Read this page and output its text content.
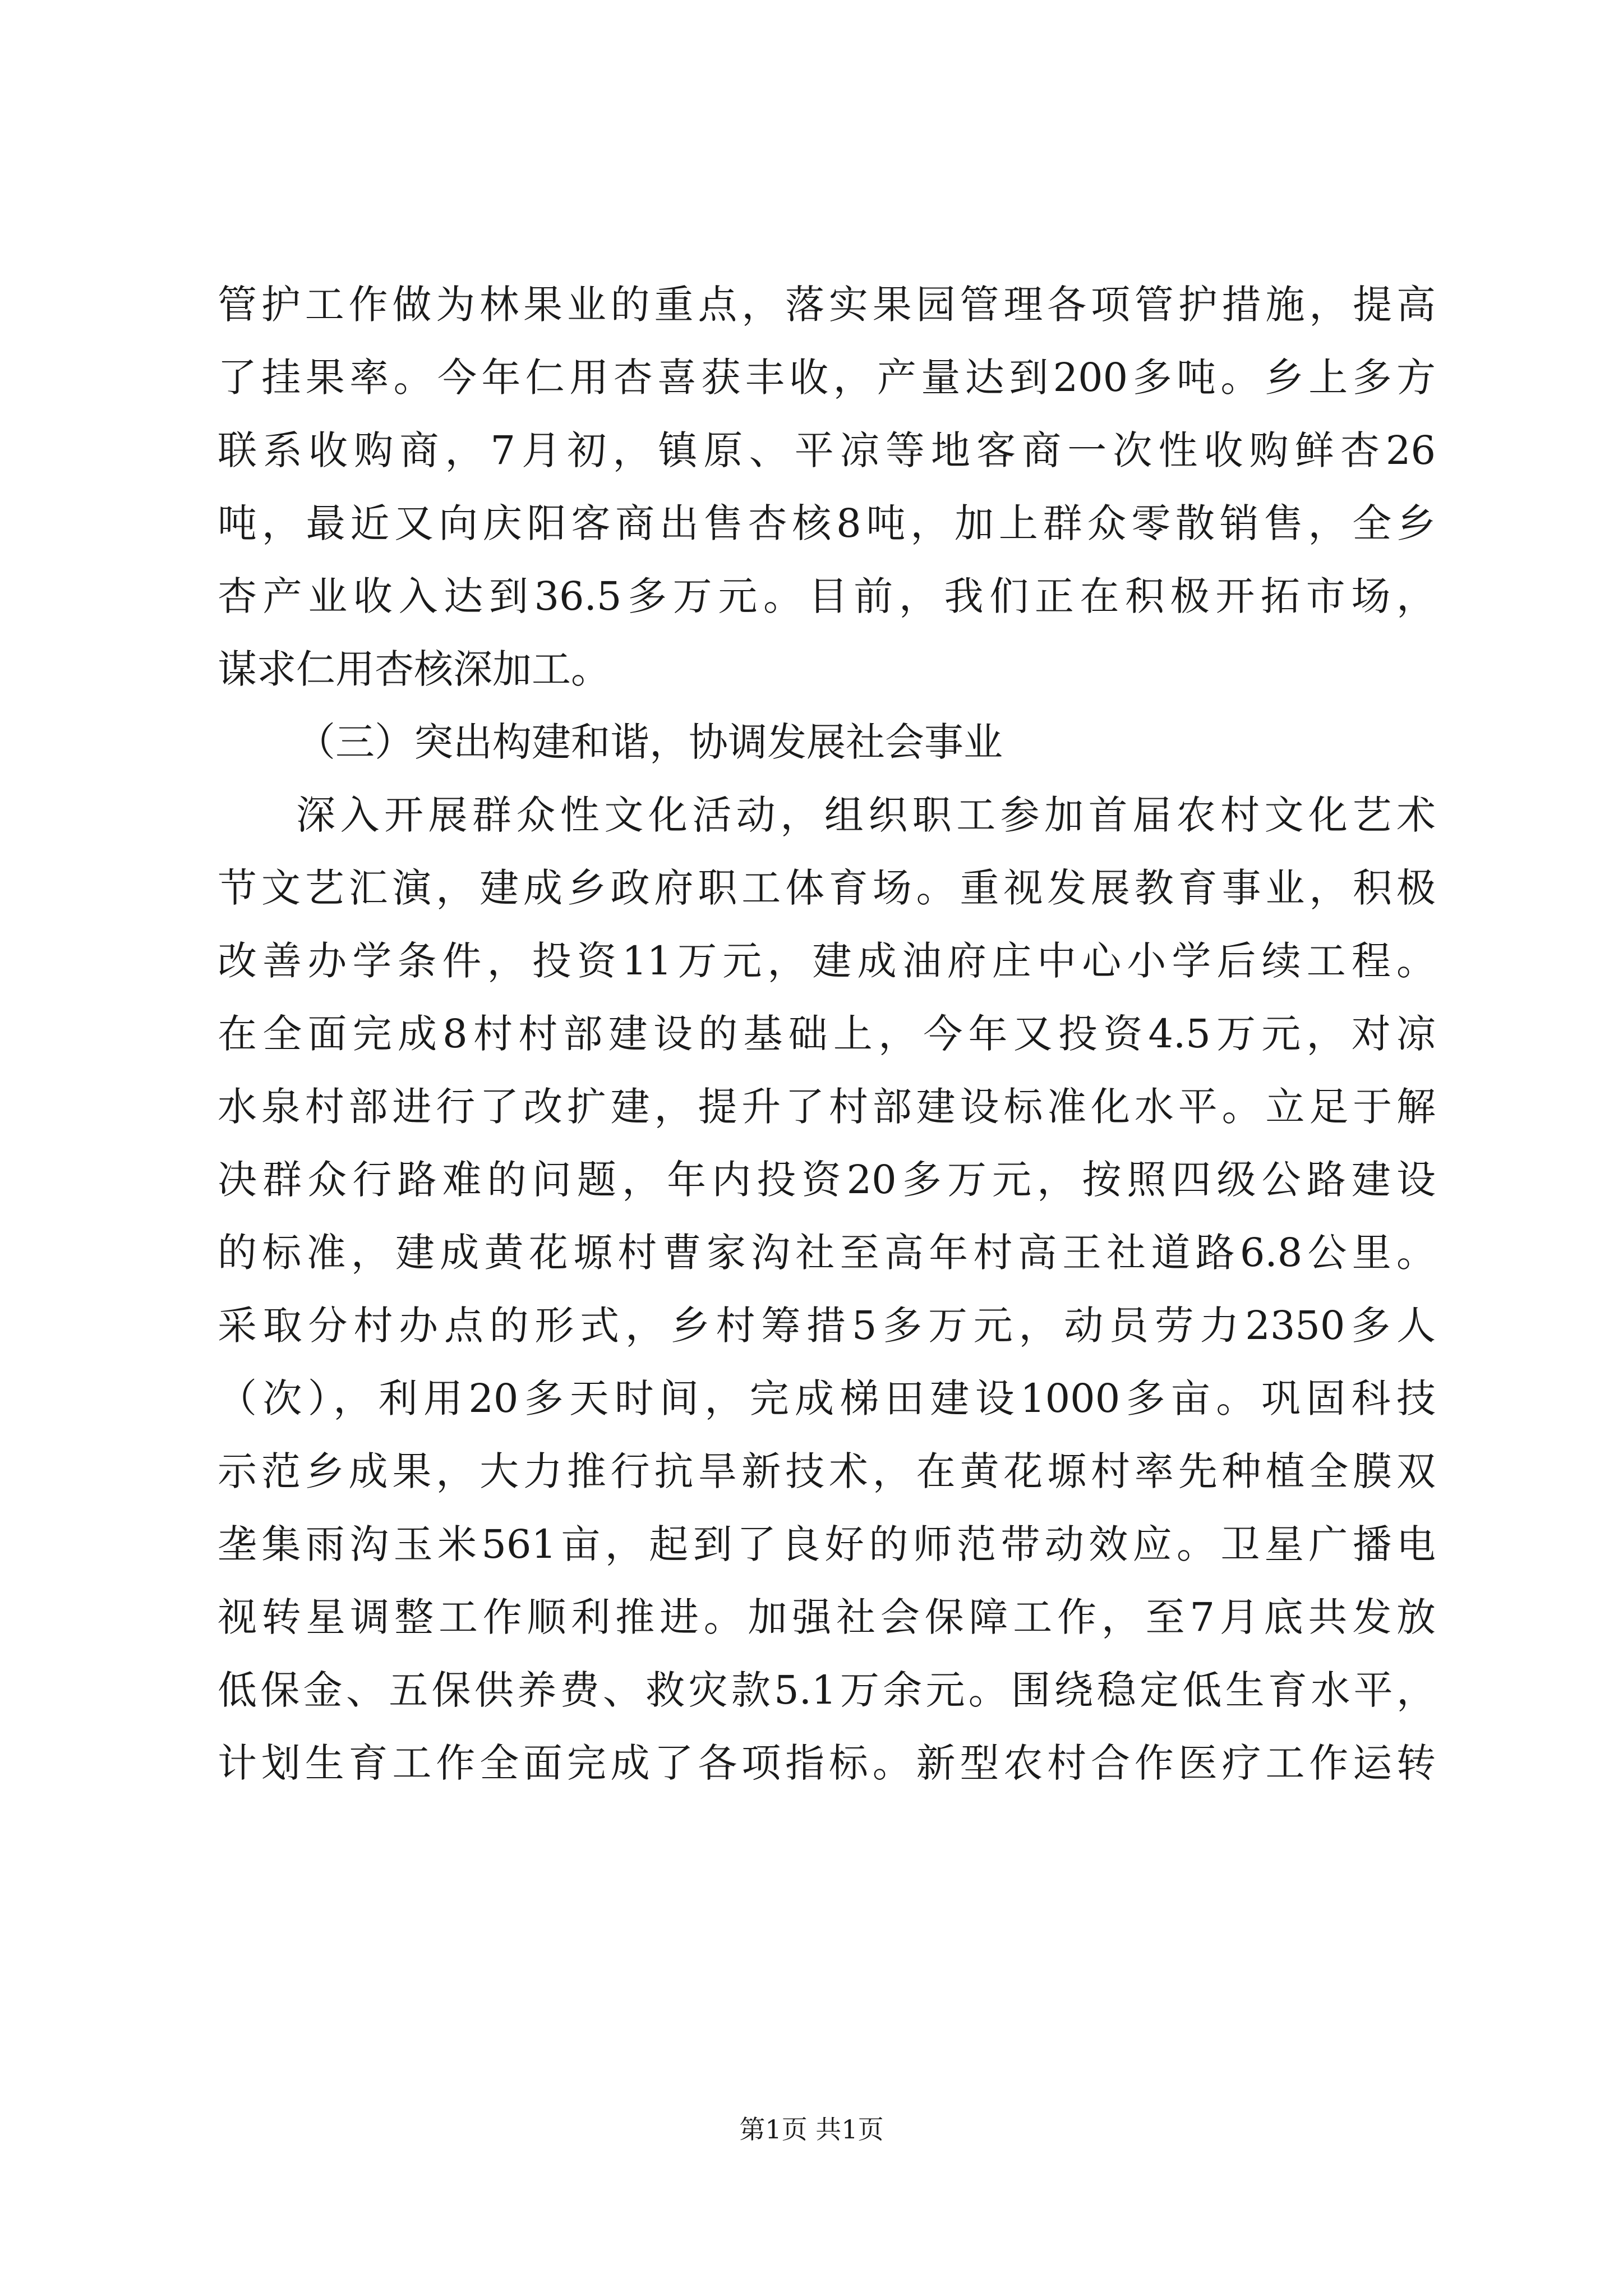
管护工作做为林果业的重点，落实果园管理各项管护措施，提高
了挂果率。今年仁用杏喜获丰收，产量达到200多吨。乡上多方
联系收购商，7月初，镇原、平凉等地客商一次性收购鲜杏26
吨，最近又向庆阳客商出售杏核8吨，加上群众零散销售，全乡
杏产业收入达到36.5多万元。目前，我们正在积极开拓市场，
谋求仁用杏核深加工。
（三）突出构建和谐，协调发展社会事业
深入开展群众性文化活动，组织职工参加首届农村文化艺术
节文艺汇演，建成乡政府职工体育场。重视发展教育事业，积极
改善办学条件，投资11万元，建成油府庄中心小学后续工程。
在全面完成8村村部建设的基础上，今年又投资4.5万元，对凉
水泉村部进行了改扩建，提升了村部建设标准化水平。立足于解
决群众行路难的问题，年内投资20多万元，按照四级公路建设
的标准，建成黄花塬村曹家沟社至高年村高王社道路6.8公里。
采取分村办点的形式，乡村筹措5多万元，动员劳力2350多人
（次），利用20多天时间，完成梯田建设1000多亩。巩固科技
示范乡成果，大力推行抗旱新技术，在黄花塬村率先种植全膜双
垄集雨沟玉米561亩，起到了良好的师范带动效应。卫星广播电
视转星调整工作顺利推进。加强社会保障工作，至7月底共发放
低保金、五保供养费、救灾款5.1万余元。围绕稳定低生育水平，
计划生育工作全面完成了各项指标。新型农村合作医疗工作运转
第1页 共1页
